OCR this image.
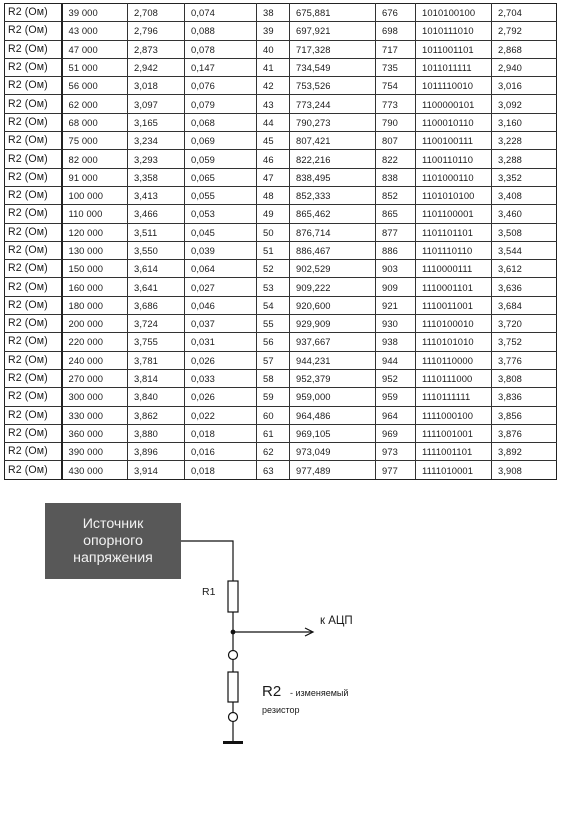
R2 (Ом)	39 000	2,708	0,074	38	675,881	676	1010100100	2,704
R2 (Ом)	43 000	2,796	0,088	39	697,921	698	1010111010	2,792
R2 (Ом)	47 000	2,873	0,078	40	717,328	717	1011001101	2,868
R2 (Ом)	51 000	2,942	0,147	41	734,549	735	1011011111	2,940
R2 (Ом)	56 000	3,018	0,076	42	753,526	754	1011110010	3,016
R2 (Ом)	62 000	3,097	0,079	43	773,244	773	1100000101	3,092
R2 (Ом)	68 000	3,165	0,068	44	790,273	790	1100010110	3,160
R2 (Ом)	75 000	3,234	0,069	45	807,421	807	1100100111	3,228
R2 (Ом)	82 000	3,293	0,059	46	822,216	822	1100110110	3,288
R2 (Ом)	91 000	3,358	0,065	47	838,495	838	1101000110	3,352
R2 (Ом)	100 000	3,413	0,055	48	852,333	852	1101010100	3,408
R2 (Ом)	110 000	3,466	0,053	49	865,462	865	1101100001	3,460
R2 (Ом)	120 000	3,511	0,045	50	876,714	877	1101101101	3,508
R2 (Ом)	130 000	3,550	0,039	51	886,467	886	1101110110	3,544
R2 (Ом)	150 000	3,614	0,064	52	902,529	903	1110000111	3,612
R2 (Ом)	160 000	3,641	0,027	53	909,222	909	1110001101	3,636
R2 (Ом)	180 000	3,686	0,046	54	920,600	921	1110011001	3,684
R2 (Ом)	200 000	3,724	0,037	55	929,909	930	1110100010	3,720
R2 (Ом)	220 000	3,755	0,031	56	937,667	938	1110101010	3,752
R2 (Ом)	240 000	3,781	0,026	57	944,231	944	1110110000	3,776
R2 (Ом)	270 000	3,814	0,033	58	952,379	952	1110111000	3,808
R2 (Ом)	300 000	3,840	0,026	59	959,000	959	1110111111	3,836
R2 (Ом)	330 000	3,862	0,022	60	964,486	964	1111000100	3,856
R2 (Ом)	360 000	3,880	0,018	61	969,105	969	1111001001	3,876
R2 (Ом)	390 000	3,896	0,016	62	973,049	973	1111001101	3,892
R2 (Ом)	430 000	3,914	0,018	63	977,489	977	1111010001	3,908
Источник
опорного
напряжения
R1
к АЦП
R2 - изменяемый
резистор
